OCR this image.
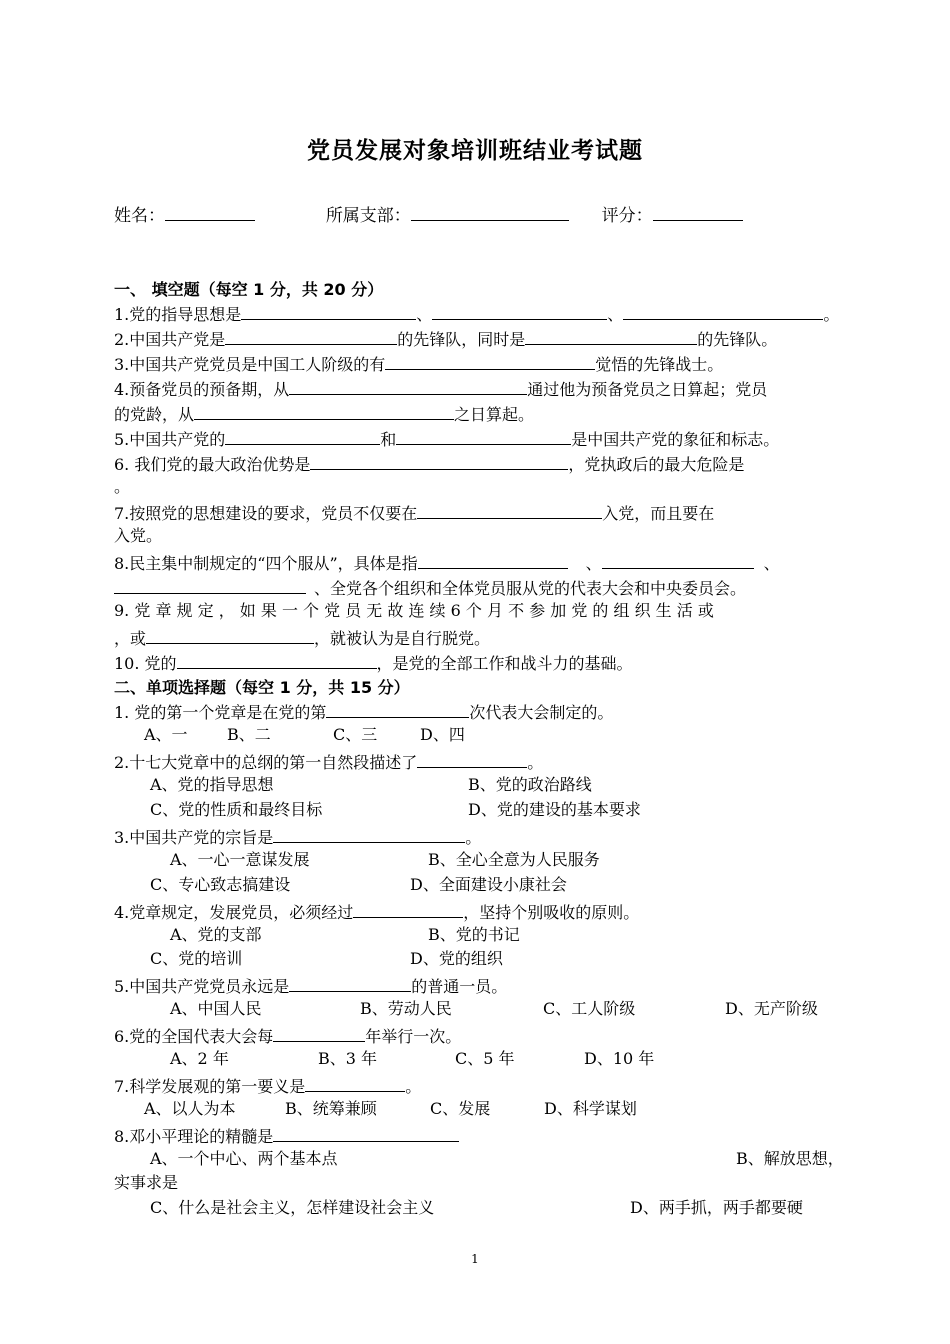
党员发展对象培训班结业考试题
姓名：	所属支部：	评分：
一、 填空题（每空 1 分，共 20 分）
1.党的指导思想是	、	、	。
2.中国共产党是	的先锋队，同时是	的先锋队。
3.中国共产党党员是中国工人阶级的有	觉悟的先锋战士。
4.预备党员的预备期，从	通过他为预备党员之日算起；党员
的党龄，从	之日算起。
5.中国共产党的	和	是中国共产党的象征和标志。
6. 我们党的最大政治优势是	，党执政后的最大危险是
。
7.按照党的思想建设的要求，党员不仅要在	入党，而且要在
入党。
8.民主集中制规定的“四个服从”，具体是指	、	、
、全党各个组织和全体党员服从党的代表大会和中央委员会。
9. 党 章 规 定 ， 如 果 一 个 党 员 无 故 连 续 6 个 月 不 参 加 党 的 组 织 生 活 或
，或	，就被认为是自行脱党。
10. 党的	，是党的全部工作和战斗力的基础。
二、单项选择题（每空 1 分，共 15 分）
1. 党的第一个党章是在党的第	次代表大会制定的。
A、一 B、二	C、三	D、四
2.十七大党章中的总纲的第一自然段描述了	。
A、党的指导思想	B、党的政治路线
C、党的性质和最终目标	D、党的建设的基本要求
3.中国共产党的宗旨是	。
A、一心一意谋发展	B、全心全意为人民服务
C、专心致志搞建设	D、全面建设小康社会
4.党章规定，发展党员，必须经过	，坚持个别吸收的原则。
A、党的支部	B、党的书记
C、党的培训	D、党的组织
5.中国共产党党员永远是	的普通一员。
A、中国人民	B、劳动人民	C、工人阶级	D、无产阶级
6.党的全国代表大会每	年举行一次。
A、2 年	B、3 年	C、5 年	D、10 年
7.科学发展观的第一要义是	。
A、以人为本	B、统筹兼顾	C、发展	D、科学谋划
8.邓小平理论的精髓是
A、一个中心、两个基本点	B、解放思想，
实事求是
C、什么是社会主义，怎样建设社会主义	D、两手抓，两手都要硬
1
